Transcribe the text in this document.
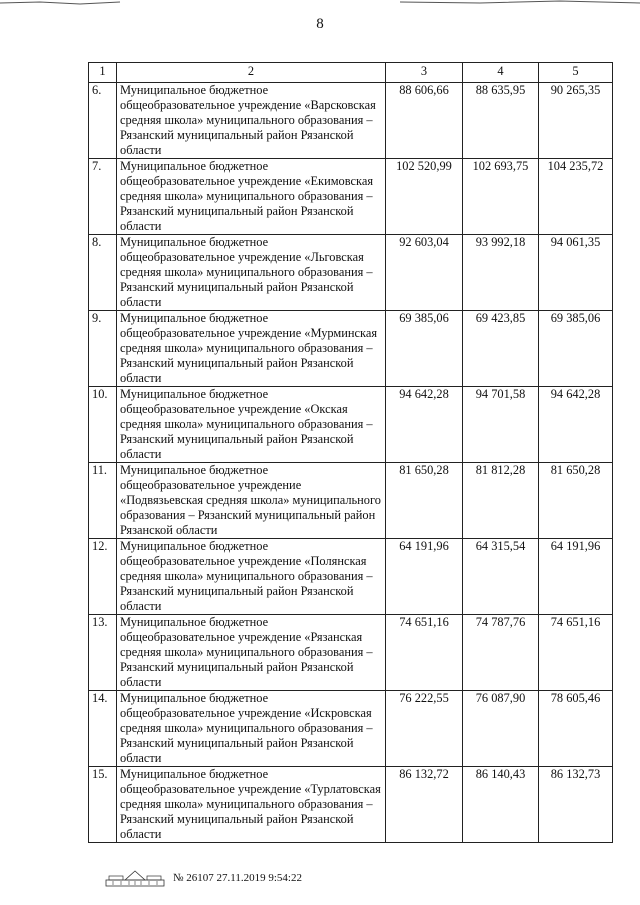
8
1	2	3	4	5
6.	Муниципальное бюджетное общеобразовательное учреждение «Варсковская средняя школа» муниципального образования – Рязанский муниципальный район Рязанской области	88 606,66	88 635,95	90 265,35
7.	Муниципальное бюджетное общеобразовательное учреждение «Екимовская средняя школа» муниципального образования – Рязанский муниципальный район Рязанской области	102 520,99	102 693,75	104 235,72
8.	Муниципальное бюджетное общеобразовательное учреждение «Льговская средняя школа» муниципального образования – Рязанский муниципальный район Рязанской области	92 603,04	93 992,18	94 061,35
9.	Муниципальное бюджетное общеобразовательное учреждение «Мурминская средняя школа» муниципального образования – Рязанский муниципальный район Рязанской области	69 385,06	69 423,85	69 385,06
10.	Муниципальное бюджетное общеобразовательное учреждение «Окская средняя школа» муниципального образования – Рязанский муниципальный район Рязанской области	94 642,28	94 701,58	94 642,28
11.	Муниципальное бюджетное общеобразовательное учреждение «Подвязьевская средняя школа» муниципального образования – Рязанский муниципальный район Рязанской области	81 650,28	81 812,28	81 650,28
12.	Муниципальное бюджетное общеобразовательное учреждение «Полянская средняя школа» муниципального образования – Рязанский муниципальный район Рязанской области	64 191,96	64 315,54	64 191,96
13.	Муниципальное бюджетное общеобразовательное учреждение «Рязанская средняя школа» муниципального образования – Рязанский муниципальный район Рязанской области	74 651,16	74 787,76	74 651,16
14.	Муниципальное бюджетное общеобразовательное учреждение «Искровская средняя школа» муниципального образования – Рязанский муниципальный район Рязанской области	76 222,55	76 087,90	78 605,46
15.	Муниципальное бюджетное общеобразовательное учреждение «Турлатовская средняя школа» муниципального образования – Рязанский муниципальный район Рязанской области	86 132,72	86 140,43	86 132,73
№ 26107 27.11.2019 9:54:22
